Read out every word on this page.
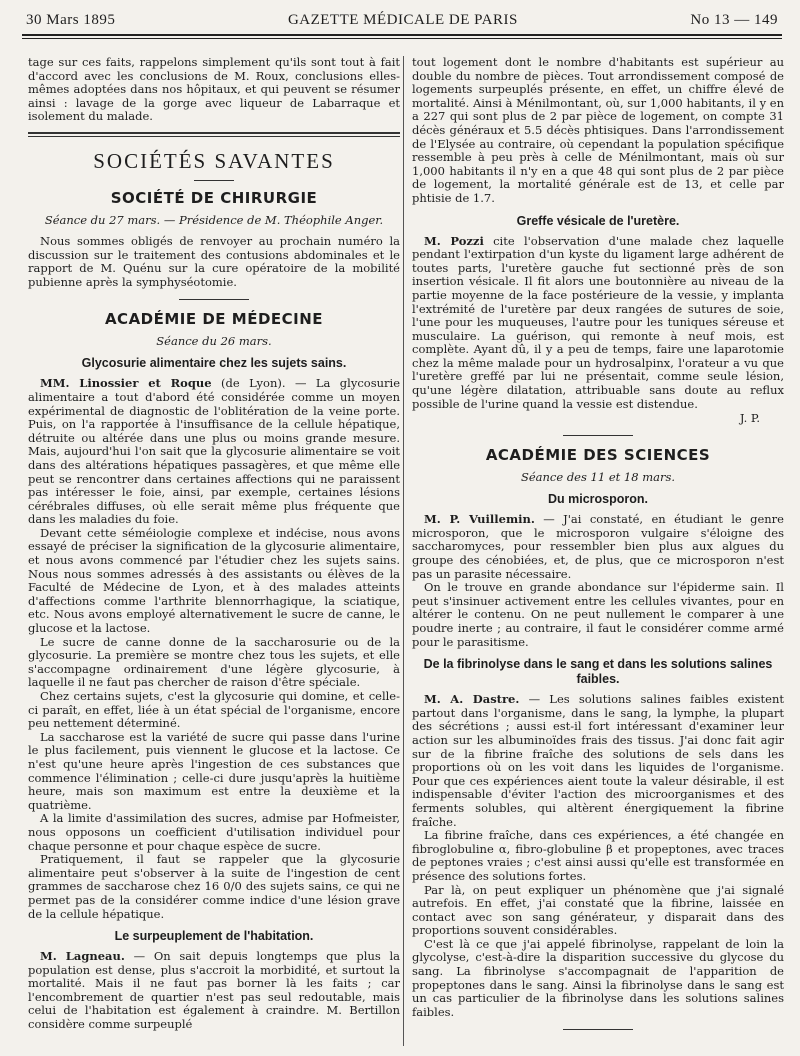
30 Mars 1895	GAZETTE MÉDICALE DE PARIS	No 13 — 149

tage sur ces faits, rappelons simplement qu'ils sont tout à fait d'accord avec les conclusions de M. Roux, conclusions elles-mêmes adoptées dans nos hôpitaux, et qui peuvent se résumer ainsi : lavage de la gorge avec liqueur de Labarraque et isolement du malade.

SOCIÉTÉS SAVANTES
SOCIÉTÉ DE CHIRURGIE
Séance du 27 mars. — Présidence de M. Théophile Anger.

Nous sommes obligés de renvoyer au prochain numéro la discussion sur le traitement des contusions abdominales et le rapport de M. Quénu sur la cure opératoire de la mobilité pubienne après la symphyséotomie.

ACADÉMIE DE MÉDECINE
Séance du 26 mars.
Glycosurie alimentaire chez les sujets sains.

MM. Linossier et Roque (de Lyon). — La glycosurie alimentaire a tout d'abord été considérée comme un moyen expérimental de diagnostic de l'oblitération de la veine porte. Puis, on l'a rapportée à l'insuffisance de la cellule hépatique, détruite ou altérée dans une plus ou moins grande mesure. Mais, aujourd'hui l'on sait que la glycosurie alimentaire se voit dans des altérations hépatiques passagères, et que même elle peut se rencontrer dans certaines affections qui ne paraissent pas intéresser le foie, ainsi, par exemple, certaines lésions cérébrales diffuses, où elle serait même plus fréquente que dans les maladies du foie.

Devant cette séméiologie complexe et indécise, nous avons essayé de préciser la signification de la glycosurie alimentaire, et nous avons commencé par l'étudier chez les sujets sains. Nous nous sommes adressés à des assistants ou élèves de la Faculté de Médecine de Lyon, et à des malades atteints d'affections comme l'arthrite blennorrhagique, la sciatique, etc. Nous avons employé alternativement le sucre de canne, le glucose et la lactose.

Le sucre de canne donne de la saccharosurie ou de la glycosurie. La première se montre chez tous les sujets, et elle s'accompagne ordinairement d'une légère glycosurie, à laquelle il ne faut pas chercher de raison d'être spéciale.

Chez certains sujets, c'est la glycosurie qui domine, et celle-ci paraît, en effet, liée à un état spécial de l'organisme, encore peu nettement déterminé.

La saccharose est la variété de sucre qui passe dans l'urine le plus facilement, puis viennent le glucose et la lactose. Ce n'est qu'une heure après l'ingestion de ces substances que commence l'élimination ; celle-ci dure jusqu'après la huitième heure, mais son maximum est entre la deuxième et la quatrième.

A la limite d'assimilation des sucres, admise par Hofmeister, nous opposons un coefficient d'utilisation individuel pour chaque personne et pour chaque espèce de sucre.

Pratiquement, il faut se rappeler que la glycosurie alimentaire peut s'observer à la suite de l'ingestion de cent grammes de saccharose chez 16 0/0 des sujets sains, ce qui ne permet pas de la considérer comme indice d'une lésion grave de la cellule hépatique.

Le surpeuplement de l'habitation.

M. Lagneau. — On sait depuis longtemps que plus la population est dense, plus s'accroit la morbidité, et surtout la mortalité. Mais il ne faut pas borner là les faits ; car l'encombrement de quartier n'est pas seul redoutable, mais celui de l'habitation est également à craindre. M. Bertillon considère comme surpeuplé

tout logement dont le nombre d'habitants est supérieur au double du nombre de pièces. Tout arrondissement composé de logements surpeuplés présente, en effet, un chiffre élevé de mortalité. Ainsi à Ménilmontant, où, sur 1,000 habitants, il y en a 227 qui sont plus de 2 par pièce de logement, on compte 31 décès généraux et 5.5 décès phtisiques. Dans l'arrondissement de l'Elysée au contraire, où cependant la population spécifique ressemble à peu près à celle de Ménilmontant, mais où sur 1,000 habitants il n'y en a que 48 qui sont plus de 2 par pièce de logement, la mortalité générale est de 13, et celle par phtisie de 1.7.

Greffe vésicale de l'uretère.

M. Pozzi cite l'observation d'une malade chez laquelle pendant l'extirpation d'un kyste du ligament large adhérent de toutes parts, l'uretère gauche fut sectionné près de son insertion vésicale. Il fit alors une boutonnière au niveau de la partie moyenne de la face postérieure de la vessie, y implanta l'extrémité de l'uretère par deux rangées de sutures de soie, l'une pour les muqueuses, l'autre pour les tuniques séreuse et musculaire. La guérison, qui remonte à neuf mois, est complète. Ayant dû, il y a peu de temps, faire une laparotomie chez la même malade pour un hydrosalpinx, l'orateur a vu que l'uretère greffé par lui ne présentait, comme seule lésion, qu'une légère dilatation, attribuable sans doute au reflux possible de l'urine quand la vessie est distendue.

J. P.
ACADÉMIE DES SCIENCES
Séance des 11 et 18 mars.
Du microsporon.

M. P. Vuillemin. — J'ai constaté, en étudiant le genre microsporon, que le microsporon vulgaire s'éloigne des saccharomyces, pour ressembler bien plus aux algues du groupe des cénobiées, et, de plus, que ce microsporon n'est pas un parasite nécessaire.

On le trouve en grande abondance sur l'épiderme sain. Il peut s'insinuer activement entre les cellules vivantes, pour en altérer le contenu. On ne peut nullement le comparer à une poudre inerte ; au contraire, il faut le considérer comme armé pour le parasitisme.

De la fibrinolyse dans le sang et dans les solutions salines faibles.

M. A. Dastre. — Les solutions salines faibles existent partout dans l'organisme, dans le sang, la lymphe, la plupart des sécrétions ; aussi est-il fort intéressant d'examiner leur action sur les albuminoïdes frais des tissus. J'ai donc fait agir sur de la fibrine fraîche des solutions de sels dans les proportions où on les voit dans les liquides de l'organisme. Pour que ces expériences aient toute la valeur désirable, il est indispensable d'éviter l'action des microorganismes et des ferments solubles, qui altèrent énergiquement la fibrine fraîche.

La fibrine fraîche, dans ces expériences, a été changée en fibroglobuline α, fibro-globuline β et propeptones, avec traces de peptones vraies ; c'est ainsi aussi qu'elle est transformée en présence des solutions fortes.

Par là, on peut expliquer un phénomène que j'ai signalé autrefois. En effet, j'ai constaté que la fibrine, laissée en contact avec son sang générateur, y disparait dans des proportions souvent considérables.

C'est là ce que j'ai appelé fibrinolyse, rappelant de loin la glycolyse, c'est-à-dire la disparition successive du glycose du sang. La fibrinolyse s'accompagnait de l'apparition de propeptones dans le sang. Ainsi la fibrinolyse dans le sang est un cas particulier de la fibrinolyse dans les solutions salines faibles.
